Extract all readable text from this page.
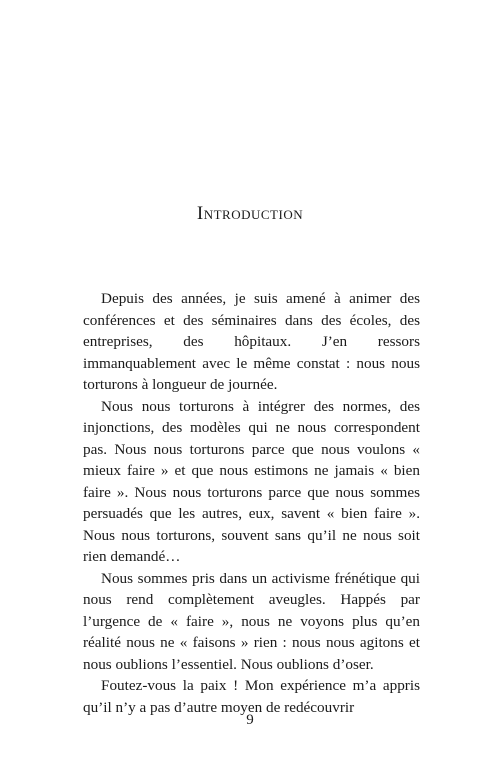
Introduction

Depuis des années, je suis amené à animer des conférences et des séminaires dans des écoles, des entreprises, des hôpitaux. J’en ressors immanquablement avec le même constat : nous nous torturons à longueur de journée.

Nous nous torturons à intégrer des normes, des injonctions, des modèles qui ne nous correspondent pas. Nous nous torturons parce que nous voulons « mieux faire » et que nous estimons ne jamais « bien faire ». Nous nous torturons parce que nous sommes persuadés que les autres, eux, savent « bien faire ». Nous nous torturons, souvent sans qu’il ne nous soit rien demandé…

Nous sommes pris dans un activisme frénétique qui nous rend complètement aveugles. Happés par l’urgence de « faire », nous ne voyons plus qu’en réalité nous ne « faisons » rien : nous nous agitons et nous oublions l’essentiel. Nous oublions d’oser.

Foutez-vous la paix ! Mon expérience m’a appris qu’il n’y a pas d’autre moyen de redécouvrir

9
